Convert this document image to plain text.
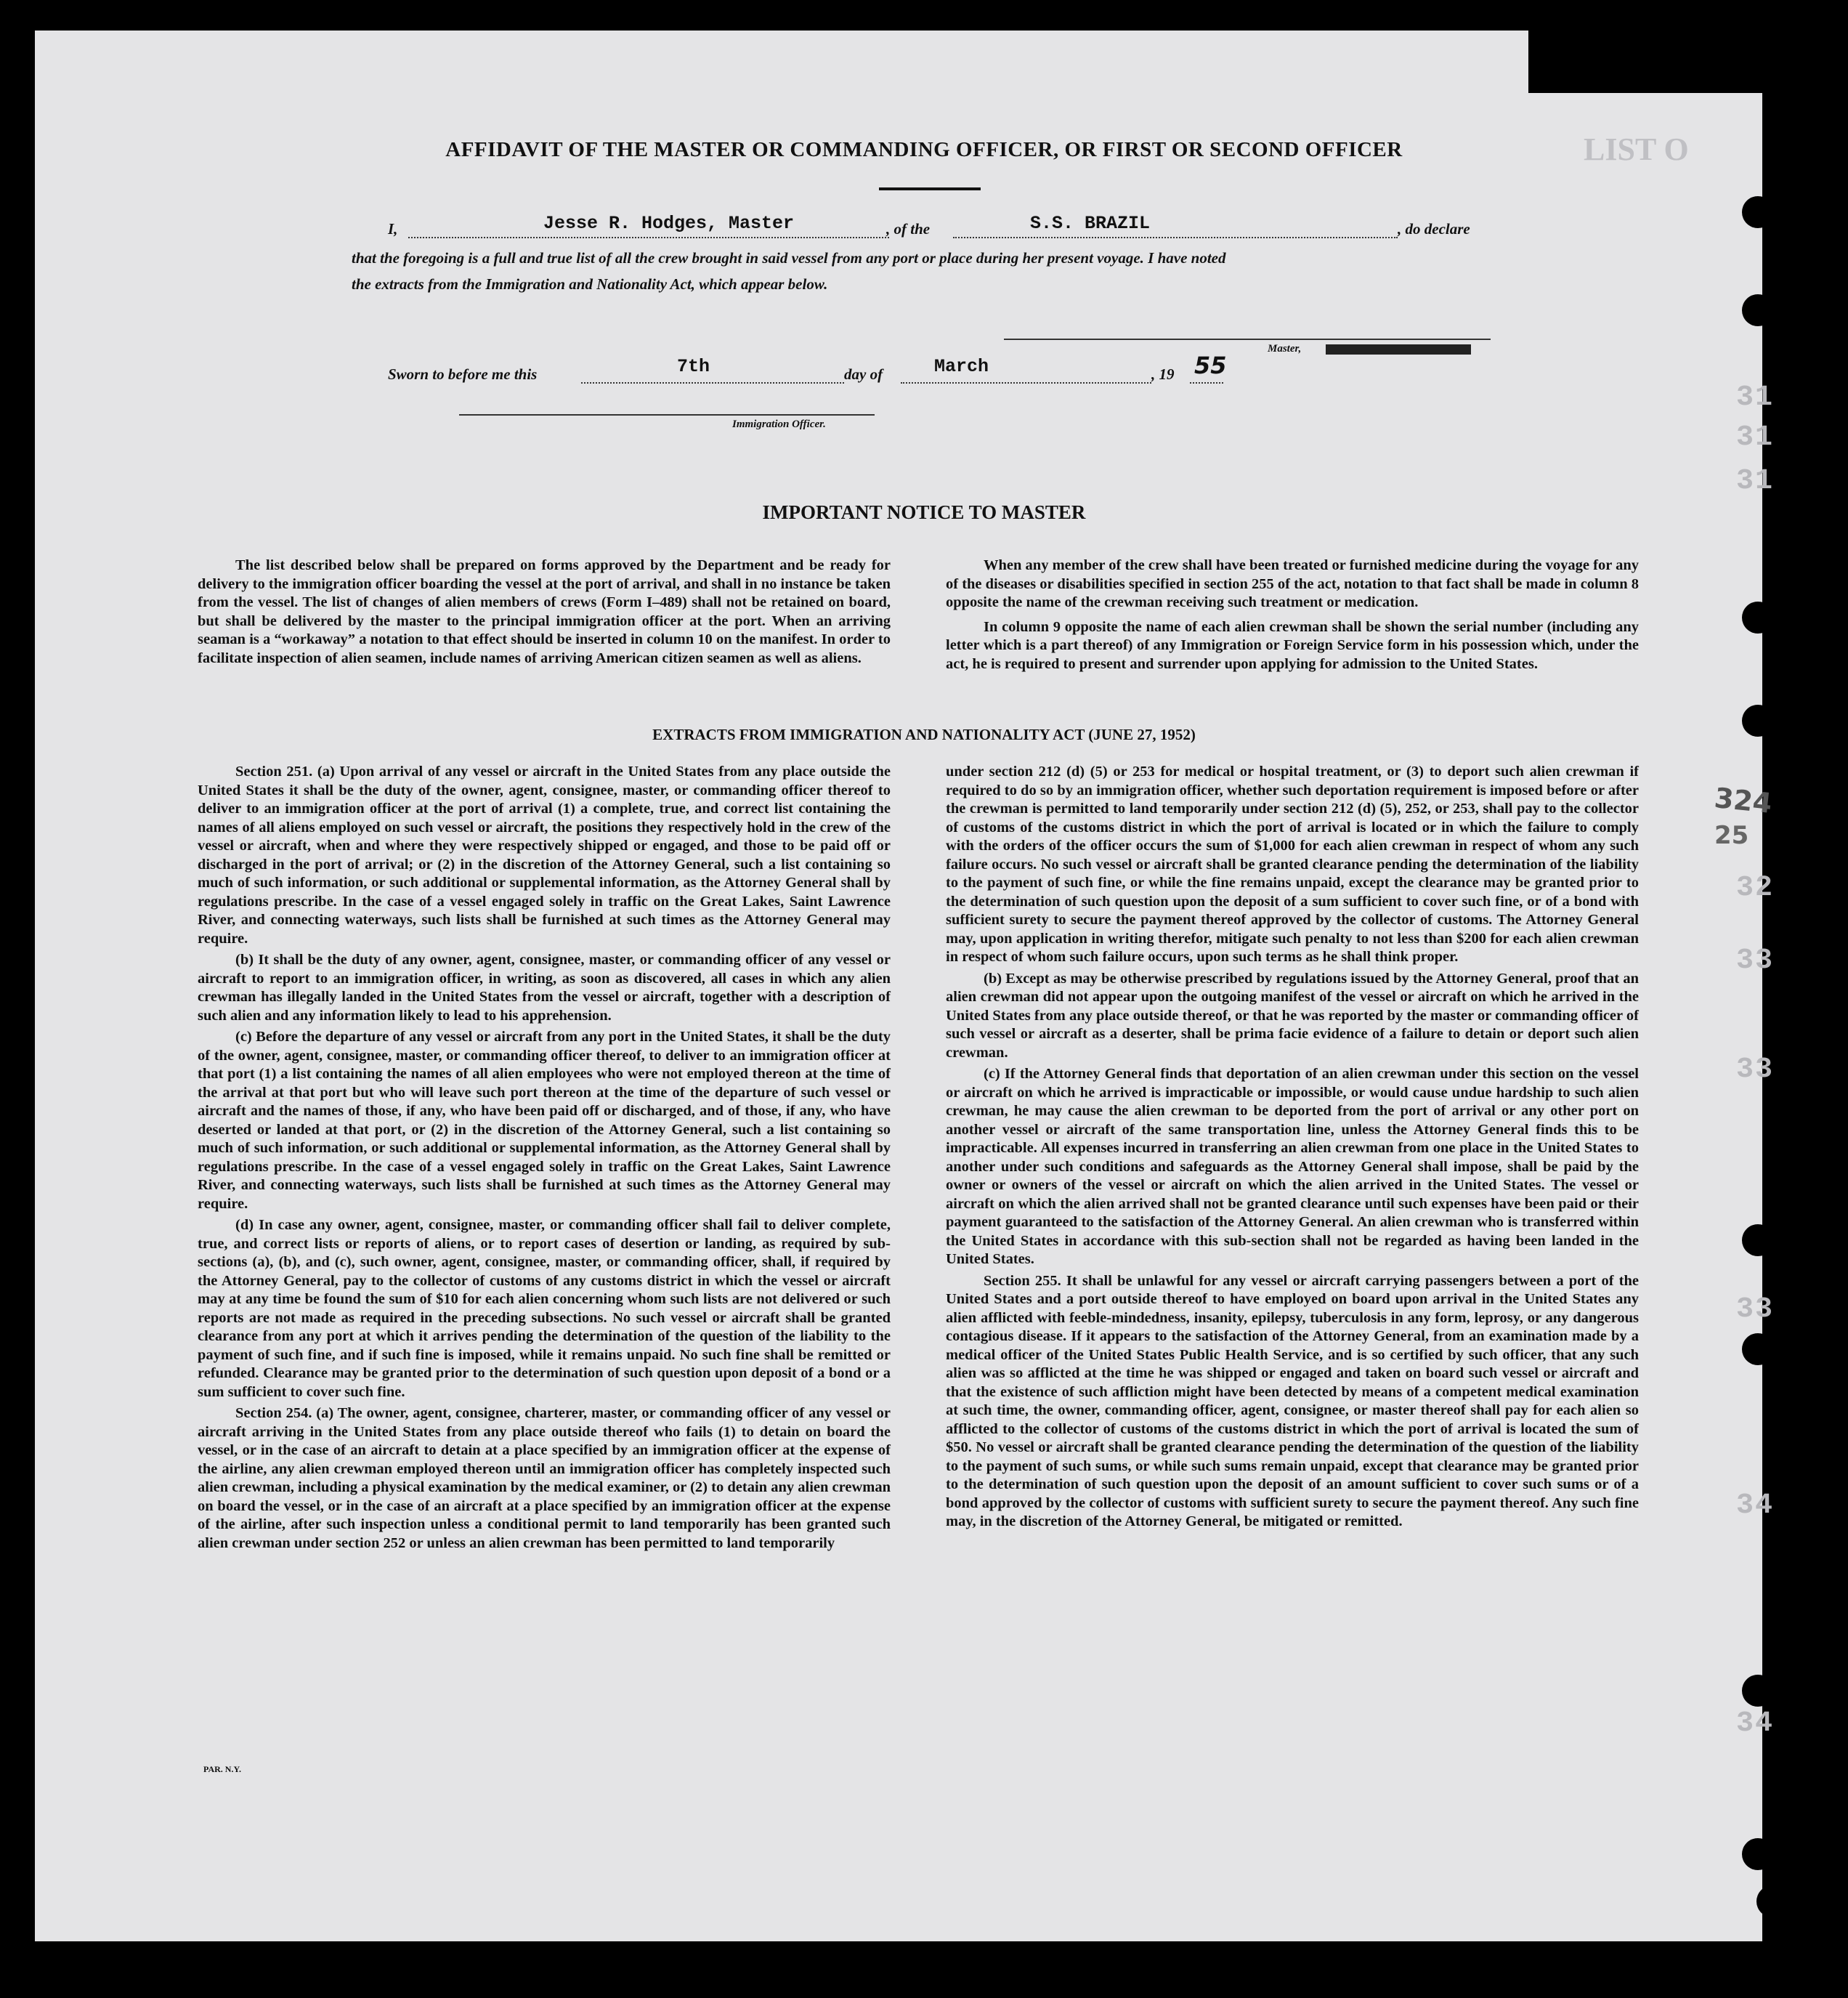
LIST O
31
31
31
32
33
33
33
34
34
324
25
AFFIDAVIT OF THE MASTER OR COMMANDING OFFICER, OR FIRST OR SECOND OFFICER
I,	Jesse R. Hodges, Master	, of the	S.S. BRAZIL	, do declare
that the foregoing is a full and true list of all the crew brought in said vessel from any port or place during her present voyage. I have noted
the extracts from the Immigration and Nationality Act, which appear below.
Master,
Sworn to before me this	7th	day of	March	, 19 55
Immigration Officer.
IMPORTANT NOTICE TO MASTER

The list described below shall be prepared on forms approved by the Department and be ready for delivery to the immigration officer boarding the vessel at the port of arrival, and shall in no instance be taken from the vessel. The list of changes of alien members of crews (Form I–489) shall not be retained on board, but shall be delivered by the master to the principal immigration officer at the port. When an arriving seaman is a “workaway” a notation to that effect should be inserted in column 10 on the manifest. In order to facilitate inspection of alien seamen, include names of arriving American citizen seamen as well as aliens.

When any member of the crew shall have been treated or furnished medicine during the voyage for any of the diseases or disabilities specified in section 255 of the act, notation to that fact shall be made in column 8 opposite the name of the crewman receiving such treatment or medication.

In column 9 opposite the name of each alien crewman shall be shown the serial number (including any letter which is a part thereof) of any Immigration or Foreign Service form in his possession which, under the act, he is required to present and surrender upon applying for admission to the United States.

EXTRACTS FROM IMMIGRATION AND NATIONALITY ACT (JUNE 27, 1952)

Section 251. (a) Upon arrival of any vessel or aircraft in the United States from any place outside the United States it shall be the duty of the owner, agent, consignee, master, or commanding officer thereof to deliver to an immigration officer at the port of arrival (1) a complete, true, and correct list containing the names of all aliens employed on such vessel or aircraft, the positions they respectively hold in the crew of the vessel or aircraft, when and where they were respectively shipped or engaged, and those to be paid off or discharged in the port of arrival; or (2) in the discretion of the Attorney General, such a list containing so much of such information, or such additional or supplemental information, as the Attorney General shall by regulations prescribe. In the case of a vessel engaged solely in traffic on the Great Lakes, Saint Lawrence River, and connecting waterways, such lists shall be furnished at such times as the Attorney General may require.

(b) It shall be the duty of any owner, agent, consignee, master, or commanding officer of any vessel or aircraft to report to an immigration officer, in writing, as soon as discovered, all cases in which any alien crewman has illegally landed in the United States from the vessel or aircraft, together with a description of such alien and any information likely to lead to his apprehension.

(c) Before the departure of any vessel or aircraft from any port in the United States, it shall be the duty of the owner, agent, consignee, master, or commanding officer thereof, to deliver to an immigration officer at that port (1) a list containing the names of all alien employees who were not employed thereon at the time of the arrival at that port but who will leave such port thereon at the time of the departure of such vessel or aircraft and the names of those, if any, who have been paid off or discharged, and of those, if any, who have deserted or landed at that port, or (2) in the discretion of the Attorney General, such a list containing so much of such information, or such additional or supplemental information, as the Attorney General shall by regulations prescribe. In the case of a vessel engaged solely in traffic on the Great Lakes, Saint Lawrence River, and connecting waterways, such lists shall be furnished at such times as the Attorney General may require.

(d) In case any owner, agent, consignee, master, or commanding officer shall fail to deliver complete, true, and correct lists or reports of aliens, or to report cases of desertion or landing, as required by sub-sections (a), (b), and (c), such owner, agent, consignee, master, or commanding officer, shall, if required by the Attorney General, pay to the collector of customs of any customs district in which the vessel or aircraft may at any time be found the sum of $10 for each alien concerning whom such lists are not delivered or such reports are not made as required in the preceding subsections. No such vessel or aircraft shall be granted clearance from any port at which it arrives pending the determination of the question of the liability to the payment of such fine, and if such fine is imposed, while it remains unpaid. No such fine shall be remitted or refunded. Clearance may be granted prior to the determination of such question upon deposit of a bond or a sum sufficient to cover such fine.

Section 254. (a) The owner, agent, consignee, charterer, master, or commanding officer of any vessel or aircraft arriving in the United States from any place outside thereof who fails (1) to detain on board the vessel, or in the case of an aircraft to detain at a place specified by an immigration officer at the expense of the airline, any alien crewman employed thereon until an immigration officer has completely inspected such alien crewman, including a physical examination by the medical examiner, or (2) to detain any alien crewman on board the vessel, or in the case of an aircraft at a place specified by an immigration officer at the expense of the airline, after such inspection unless a conditional permit to land temporarily has been granted such alien crewman under section 252 or unless an alien crewman has been permitted to land temporarily

under section 212 (d) (5) or 253 for medical or hospital treatment, or (3) to deport such alien crewman if required to do so by an immigration officer, whether such deportation requirement is imposed before or after the crewman is permitted to land temporarily under section 212 (d) (5), 252, or 253, shall pay to the collector of customs of the customs district in which the port of arrival is located or in which the failure to comply with the orders of the officer occurs the sum of $1,000 for each alien crewman in respect of whom any such failure occurs. No such vessel or aircraft shall be granted clearance pending the determination of the liability to the payment of such fine, or while the fine remains unpaid, except the clearance may be granted prior to the determination of such question upon the deposit of a sum sufficient to cover such fine, or of a bond with sufficient surety to secure the payment thereof approved by the collector of customs. The Attorney General may, upon application in writing therefor, mitigate such penalty to not less than $200 for each alien crewman in respect of whom such failure occurs, upon such terms as he shall think proper.

(b) Except as may be otherwise prescribed by regulations issued by the Attorney General, proof that an alien crewman did not appear upon the outgoing manifest of the vessel or aircraft on which he arrived in the United States from any place outside thereof, or that he was reported by the master or commanding officer of such vessel or aircraft as a deserter, shall be prima facie evidence of a failure to detain or deport such alien crewman.

(c) If the Attorney General finds that deportation of an alien crewman under this section on the vessel or aircraft on which he arrived is impracticable or impossible, or would cause undue hardship to such alien crewman, he may cause the alien crewman to be deported from the port of arrival or any other port on another vessel or aircraft of the same transportation line, unless the Attorney General finds this to be impracticable. All expenses incurred in transferring an alien crewman from one place in the United States to another under such conditions and safeguards as the Attorney General shall impose, shall be paid by the owner or owners of the vessel or aircraft on which the alien arrived in the United States. The vessel or aircraft on which the alien arrived shall not be granted clearance until such expenses have been paid or their payment guaranteed to the satisfaction of the Attorney General. An alien crewman who is transferred within the United States in accordance with this sub-section shall not be regarded as having been landed in the United States.

Section 255. It shall be unlawful for any vessel or aircraft carrying passengers between a port of the United States and a port outside thereof to have employed on board upon arrival in the United States any alien afflicted with feeble-mindedness, insanity, epilepsy, tuberculosis in any form, leprosy, or any dangerous contagious disease. If it appears to the satisfaction of the Attorney General, from an examination made by a medical officer of the United States Public Health Service, and is so certified by such officer, that any such alien was so afflicted at the time he was shipped or engaged and taken on board such vessel or aircraft and that the existence of such affliction might have been detected by means of a competent medical examination at such time, the owner, commanding officer, agent, consignee, or master thereof shall pay for each alien so afflicted to the collector of customs of the customs district in which the port of arrival is located the sum of $50. No vessel or aircraft shall be granted clearance pending the determination of the question of the liability to the payment of such sums, or while such sums remain unpaid, except that clearance may be granted prior to the determination of such question upon the deposit of an amount sufficient to cover such sums or of a bond approved by the collector of customs with sufficient surety to secure the payment thereof. Any such fine may, in the discretion of the Attorney General, be mitigated or remitted.

PAR. N.Y.
